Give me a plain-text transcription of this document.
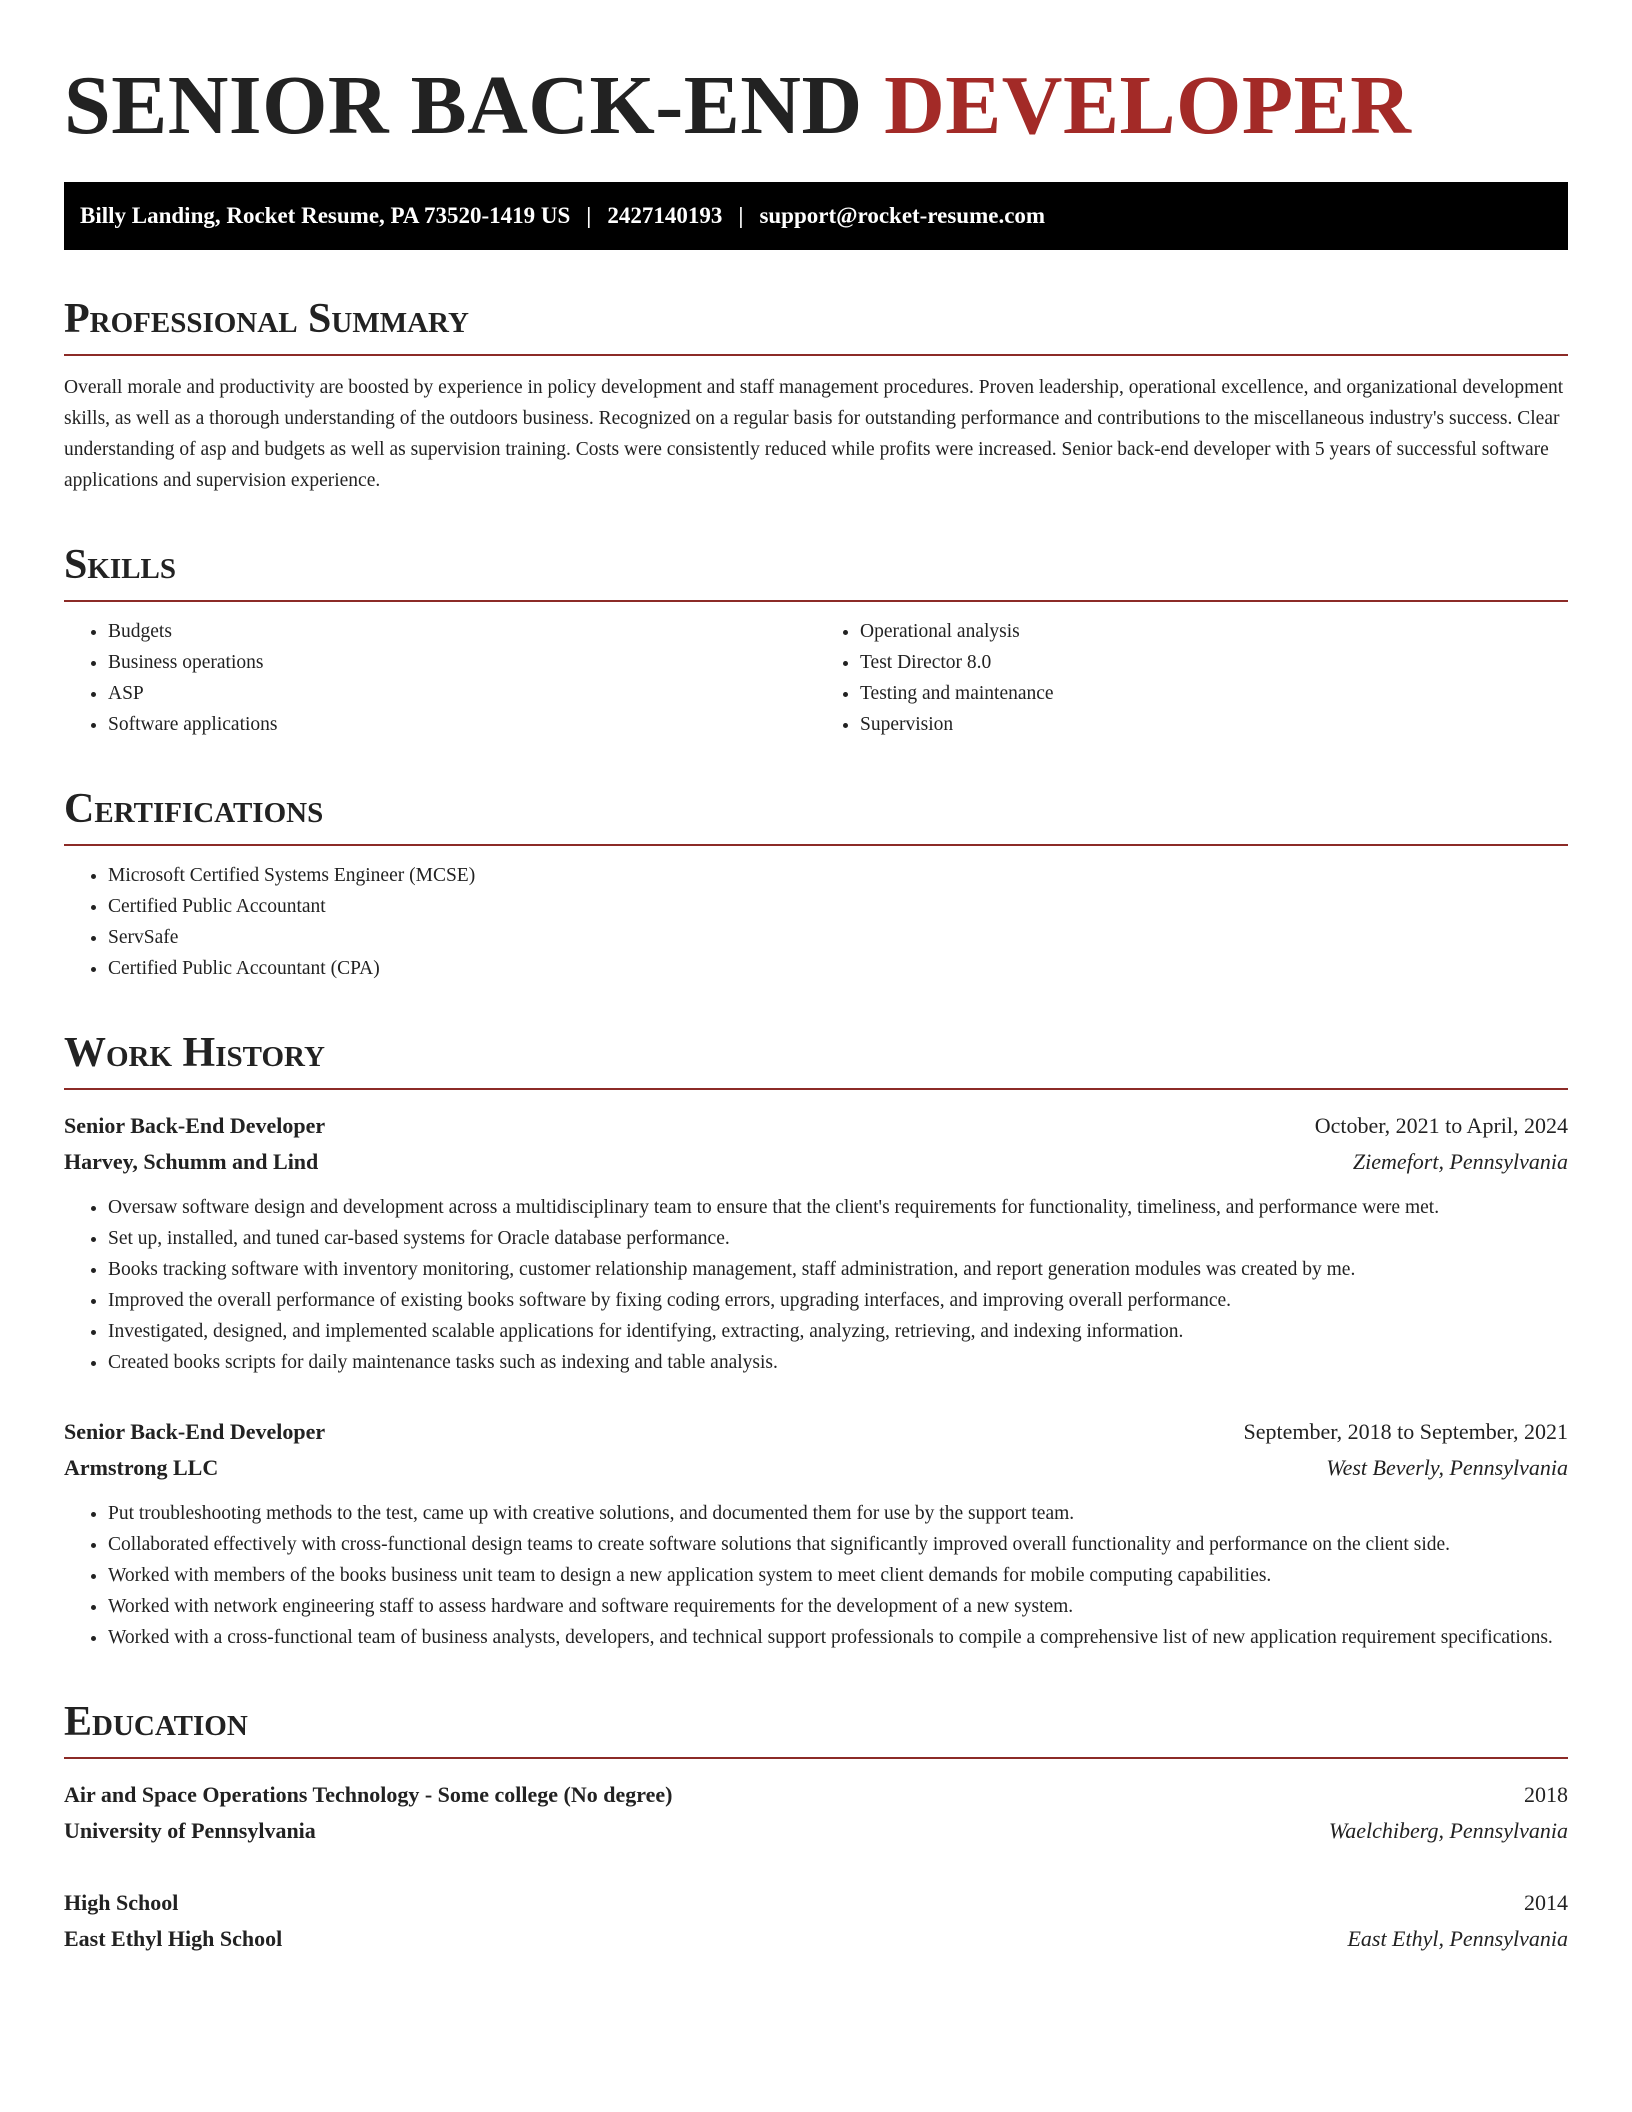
SENIOR BACK-END DEVELOPER
Billy Landing, Rocket Resume, PA 73520-1419 US | 2427140193 | support@rocket-resume.com
Professional Summary

Overall morale and productivity are boosted by experience in policy development and staff management procedures. Proven leadership, operational excellence, and organizational development skills, as well as a thorough understanding of the outdoors business. Recognized on a regular basis for outstanding performance and contributions to the miscellaneous industry's success. Clear understanding of asp and budgets as well as supervision training. Costs were consistently reduced while profits were increased. Senior back-end developer with 5 years of successful software applications and supervision experience.

Skills
• Budgets
• Business operations
• ASP
• Software applications
• Operational analysis
• Test Director 8.0
• Testing and maintenance
• Supervision
Certifications
• Microsoft Certified Systems Engineer (MCSE)
• Certified Public Accountant
• ServSafe
• Certified Public Accountant (CPA)
Work History
Senior Back-End Developer	October, 2021 to April, 2024
Harvey, Schumm and Lind	Ziemefort, Pennsylvania
• Oversaw software design and development across a multidisciplinary team to ensure that the client's requirements for functionality, timeliness, and performance were met.
• Set up, installed, and tuned car-based systems for Oracle database performance.
• Books tracking software with inventory monitoring, customer relationship management, staff administration, and report generation modules was created by me.
• Improved the overall performance of existing books software by fixing coding errors, upgrading interfaces, and improving overall performance.
• Investigated, designed, and implemented scalable applications for identifying, extracting, analyzing, retrieving, and indexing information.
• Created books scripts for daily maintenance tasks such as indexing and table analysis.
Senior Back-End Developer	September, 2018 to September, 2021
Armstrong LLC	West Beverly, Pennsylvania
• Put troubleshooting methods to the test, came up with creative solutions, and documented them for use by the support team.
• Collaborated effectively with cross-functional design teams to create software solutions that significantly improved overall functionality and performance on the client side.
• Worked with members of the books business unit team to design a new application system to meet client demands for mobile computing capabilities.
• Worked with network engineering staff to assess hardware and software requirements for the development of a new system.
• Worked with a cross-functional team of business analysts, developers, and technical support professionals to compile a comprehensive list of new application requirement specifications.
Education
Air and Space Operations Technology - Some college (No degree)	2018
University of Pennsylvania	Waelchiberg, Pennsylvania
High School	2014
East Ethyl High School	East Ethyl, Pennsylvania
